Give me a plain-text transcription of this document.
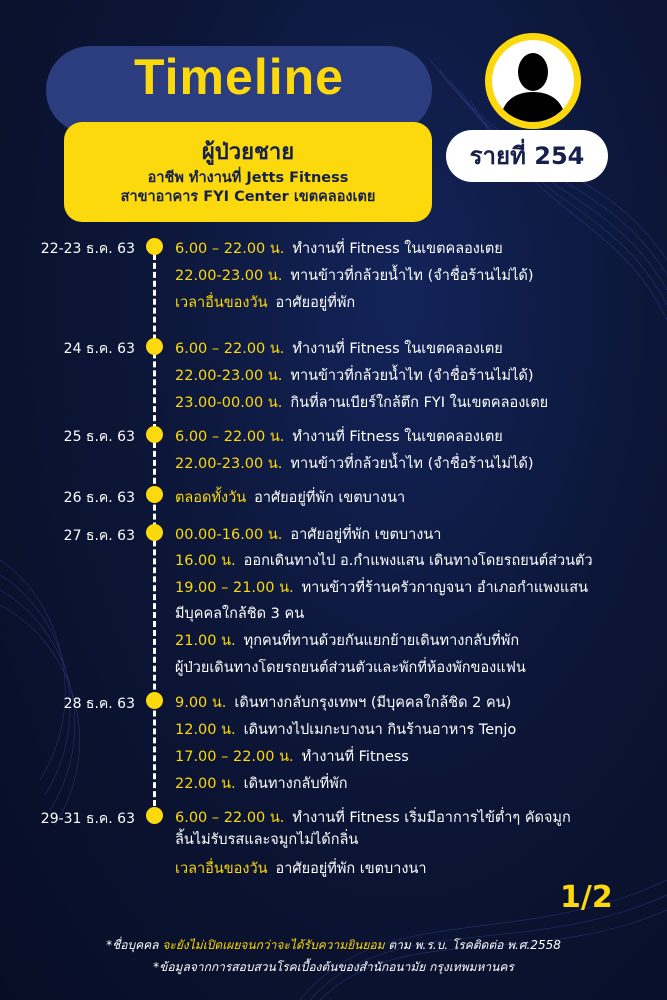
Timeline
ผู้ป่วยชาย
อาชีพ ทำงานที่ Jetts Fitness
สาขาอาคาร FYI Center เขตคลองเตย
รายที่ 254
22-23 ธ.ค. 63	6.00 – 22.00 น. ทำงานที่ Fitness ในเขตคลองเตย
22.00-23.00 น. ทานข้าวที่กล้วยน้ำไท (จำชื่อร้านไม่ได้)
เวลาอื่นของวัน อาศัยอยู่ที่พัก
24 ธ.ค. 63	6.00 – 22.00 น. ทำงานที่ Fitness ในเขตคลองเตย
22.00-23.00 น. ทานข้าวที่กล้วยน้ำไท (จำชื่อร้านไม่ได้)
23.00-00.00 น. กินที่ลานเบียร์ใกล้ตึก FYI ในเขตคลองเตย
25 ธ.ค. 63	6.00 – 22.00 น. ทำงานที่ Fitness ในเขตคลองเตย
22.00-23.00 น. ทานข้าวที่กล้วยน้ำไท (จำชื่อร้านไม่ได้)
26 ธ.ค. 63	ตลอดทั้งวัน อาศัยอยู่ที่พัก เขตบางนา
27 ธ.ค. 63	00.00-16.00 น. อาศัยอยู่ที่พัก เขตบางนา
16.00 น. ออกเดินทางไป อ.กำแพงแสน เดินทางโดยรถยนต์ส่วนตัว
19.00 – 21.00 น. ทานข้าวที่ร้านครัวกาญจนา อำเภอกำแพงแสน
มีบุคคลใกล้ชิด 3 คน
21.00 น. ทุกคนที่ทานด้วยกันแยกย้ายเดินทางกลับที่พัก
ผู้ป่วยเดินทางโดยรถยนต์ส่วนตัวและพักที่ห้องพักของแฟน
28 ธ.ค. 63	9.00 น. เดินทางกลับกรุงเทพฯ (มีบุคคลใกล้ชิด 2 คน)
12.00 น. เดินทางไปเมกะบางนา กินร้านอาหาร Tenjo
17.00 – 22.00 น. ทำงานที่ Fitness
22.00 น. เดินทางกลับที่พัก
29-31 ธ.ค. 63	6.00 – 22.00 น. ทำงานที่ Fitness เริ่มมีอาการไข้ต่ำๆ คัดจมูก
ลิ้นไม่รับรสและจมูกไม่ได้กลิ่น
เวลาอื่นของวัน อาศัยอยู่ที่พัก เขตบางนา
1/2
*ชื่อบุคคล จะยังไม่เปิดเผยจนกว่าจะได้รับความยินยอม ตาม พ.ร.บ. โรคติดต่อ พ.ศ.2558
*ข้อมูลจากการสอบสวนโรคเบื้องต้นของสำนักอนามัย กรุงเทพมหานคร
